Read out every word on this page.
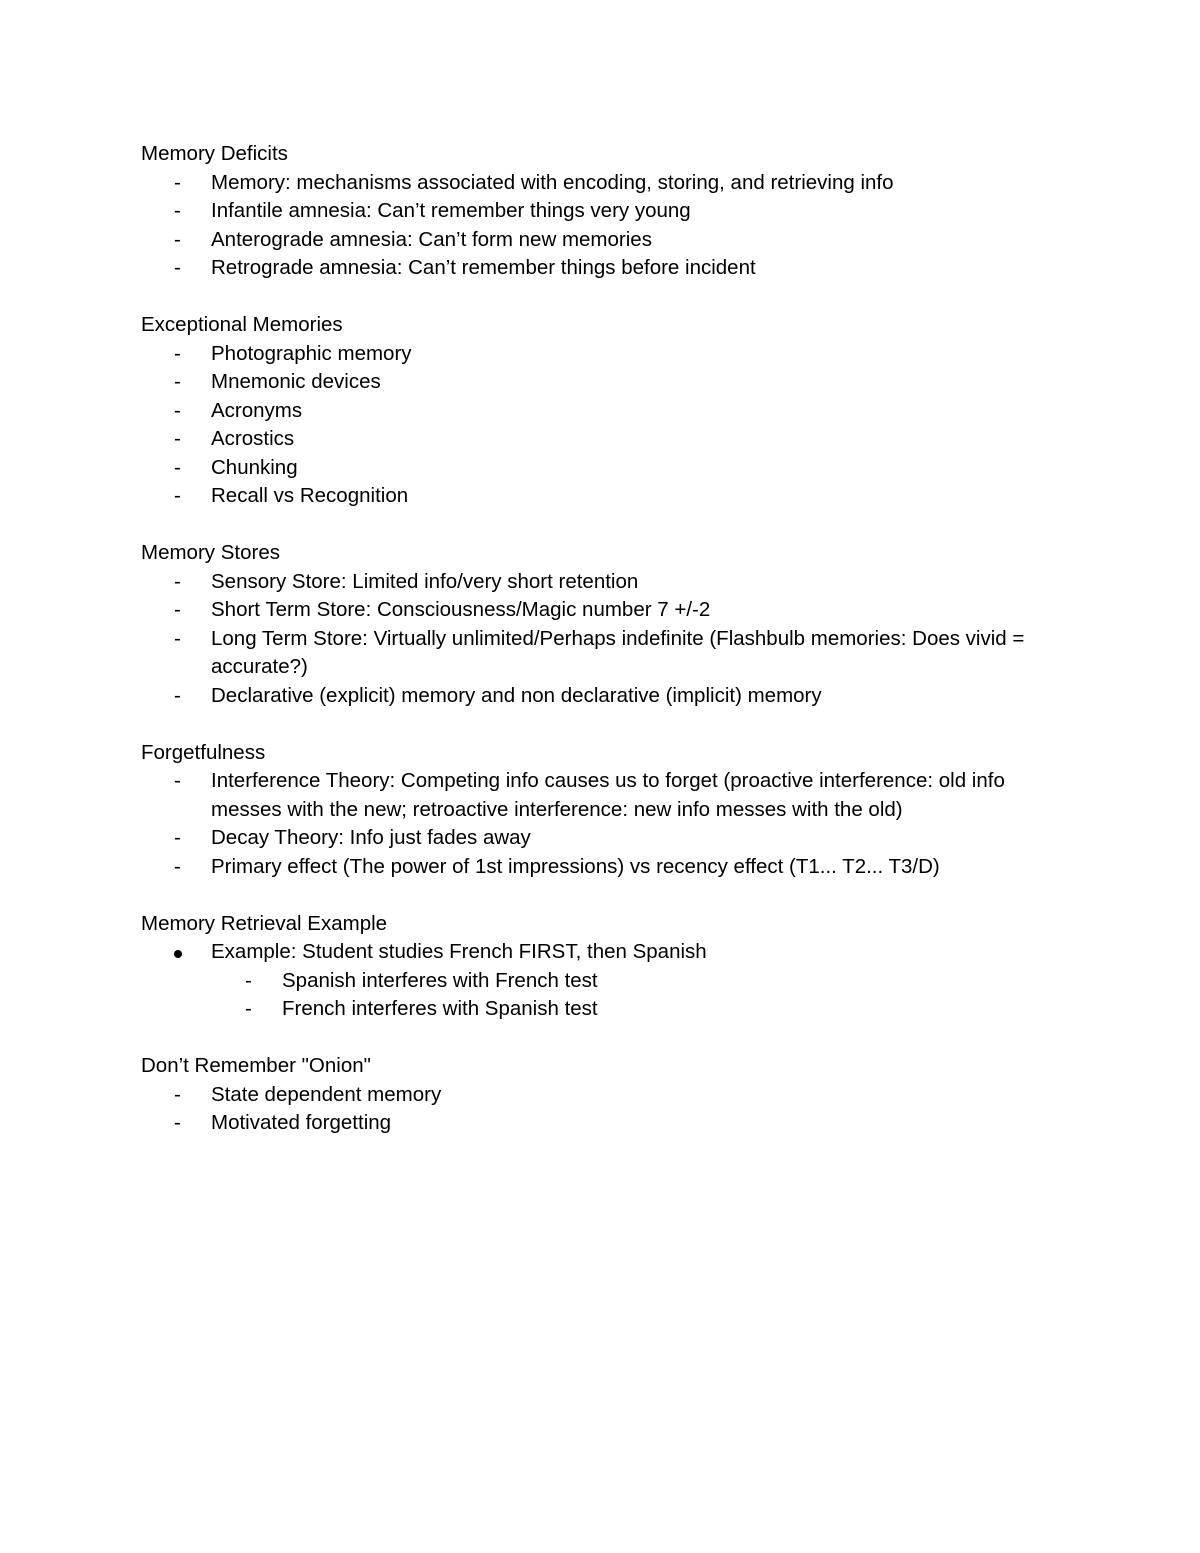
Memory Deficits

- Memory: mechanisms associated with encoding, storing, and retrieving info
- Infantile amnesia: Can’t remember things very young
- Anterograde amnesia: Can’t form new memories
- Retrograde amnesia: Can’t remember things before incident

Exceptional Memories

- Photographic memory
- Mnemonic devices
- Acronyms
- Acrostics
- Chunking
- Recall vs Recognition

Memory Stores

- Sensory Store: Limited info/very short retention
- Short Term Store: Consciousness/Magic number 7 +/-2
- Long Term Store: Virtually unlimited/Perhaps indefinite (Flashbulb memories: Does vivid = accurate?)
- Declarative (explicit) memory and non declarative (implicit) memory

Forgetfulness

- Interference Theory: Competing info causes us to forget (proactive interference: old info messes with the new; retroactive interference: new info messes with the old)
- Decay Theory: Info just fades away
- Primary effect (The power of 1st impressions) vs recency effect (T1... T2... T3/D)

Memory Retrieval Example

Example: Student studies French FIRST, then Spanish
- Spanish interferes with French test
- French interferes with Spanish test

Don’t Remember "Onion"

- State dependent memory
- Motivated forgetting
